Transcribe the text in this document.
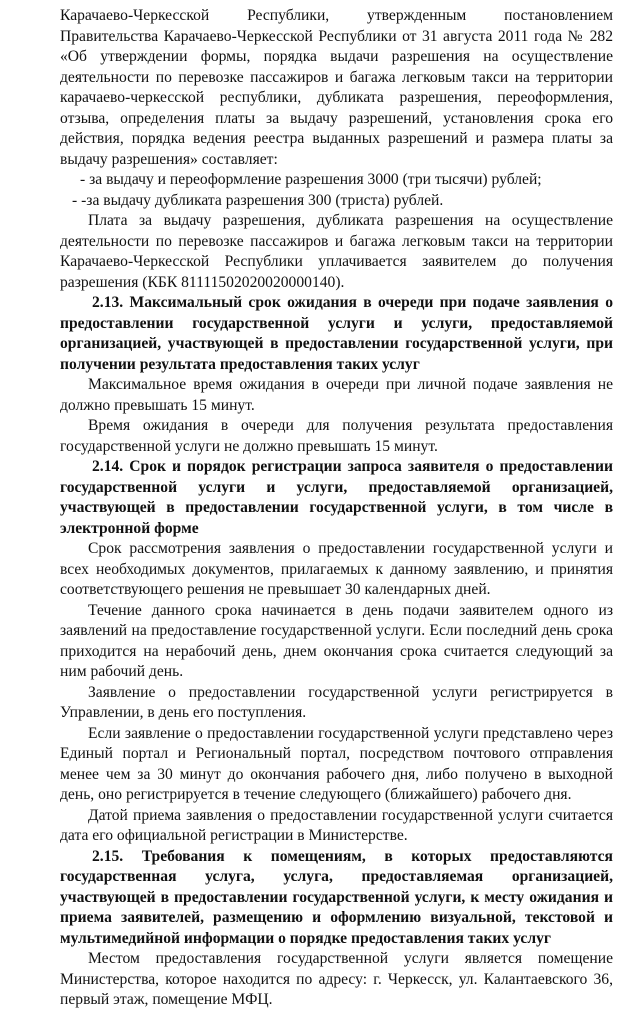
Карачаево-Черкесской Республики, утвержденным постановлением Правительства Карачаево-Черкесской Республики от 31 августа 2011 года № 282 «Об утверждении формы, порядка выдачи разрешения на осуществление деятельности по перевозке пассажиров и багажа легковым такси на территории карачаево-черкесской республики, дубликата разрешения, переоформления, отзыва, определения платы за выдачу разрешений, установления срока его действия, порядка ведения реестра выданных разрешений и размера платы за выдачу разрешения» составляет:

- за выдачу и переоформление разрешения 3000 (три тысячи) рублей;

- -за выдачу дубликата разрешения 300 (триста) рублей.

Плата за выдачу разрешения, дубликата разрешения на осуществление деятельности по перевозке пассажиров и багажа легковым такси на территории Карачаево-Черкесской Республики уплачивается заявителем до получения разрешения (КБК 81111502020020000140).

2.13. Максимальный срок ожидания в очереди при подаче заявления о предоставлении государственной услуги и услуги, предоставляемой организацией, участвующей в предоставлении государственной услуги, при получении результата предоставления таких услуг

Максимальное время ожидания в очереди при личной подаче заявления не должно превышать 15 минут.

Время ожидания в очереди для получения результата предоставления государственной услуги не должно превышать 15 минут.

2.14. Срок и порядок регистрации запроса заявителя о предоставлении государственной услуги и услуги, предоставляемой организацией, участвующей в предоставлении государственной услуги, в том числе в электронной форме

Срок рассмотрения заявления о предоставлении государственной услуги и всех необходимых документов, прилагаемых к данному заявлению, и принятия соответствующего решения не превышает 30 календарных дней.

Течение данного срока начинается в день подачи заявителем одного из заявлений на предоставление государственной услуги. Если последний день срока приходится на нерабочий день, днем окончания срока считается следующий за ним рабочий день.

Заявление о предоставлении государственной услуги регистрируется в Управлении, в день его поступления.

Если заявление о предоставлении государственной услуги представлено через Единый портал и Региональный портал, посредством почтового отправления менее чем за 30 минут до окончания рабочего дня, либо получено в выходной день, оно регистрируется в течение следующего (ближайшего) рабочего дня.

Датой приема заявления о предоставлении государственной услуги считается дата его официальной регистрации в Министерстве.

2.15. Требования к помещениям, в которых предоставляются государственная услуга, услуга, предоставляемая организацией, участвующей в предоставлении государственной услуги, к месту ожидания и приема заявителей, размещению и оформлению визуальной, текстовой и мультимедийной информации о порядке предоставления таких услуг

Местом предоставления государственной услуги является помещение Министерства, которое находится по адресу: г. Черкесск, ул. Калантаевского 36, первый этаж, помещение МФЦ.
